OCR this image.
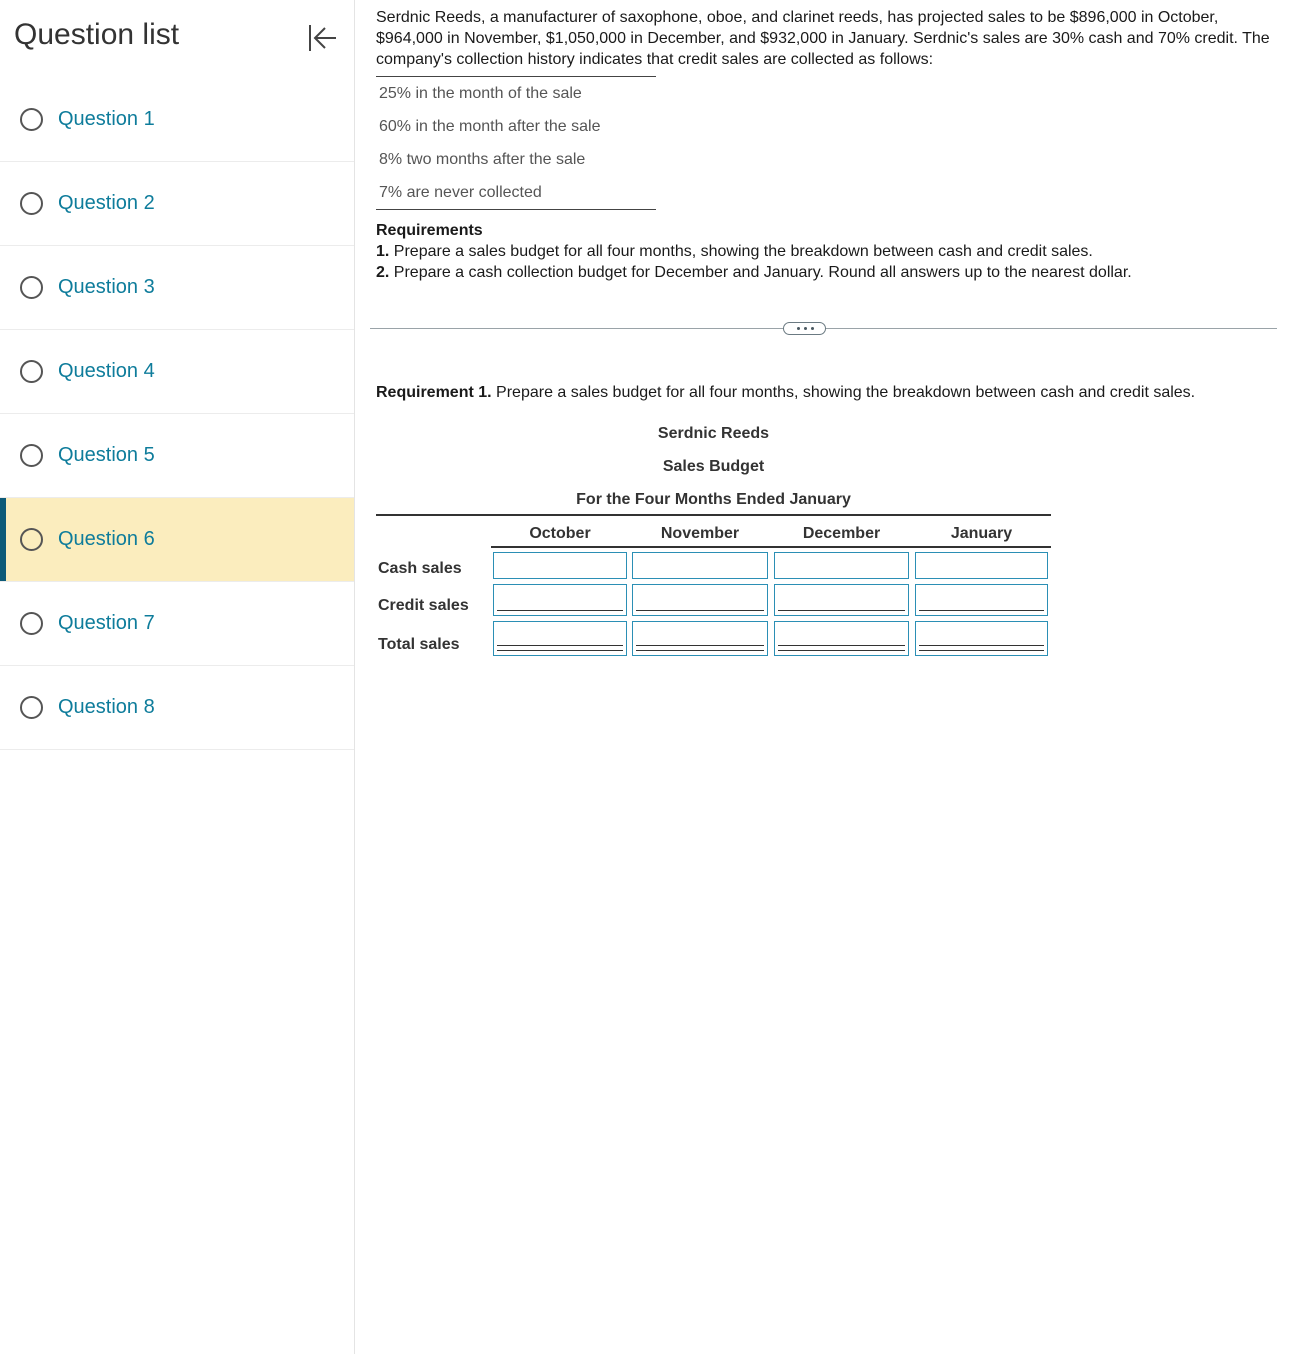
Question list
Question 1
Question 2
Question 3
Question 4
Question 5
Question 6
Question 7
Question 8

Serdnic Reeds, a manufacturer of saxophone, oboe, and clarinet reeds, has projected sales to be $896,000 in October, $964,000 in November, $1,050,000 in December, and $932,000 in January. Serdnic's sales are 30% cash and 70% credit. The company's collection history indicates that credit sales are collected as follows:

25% in the month of the sale
60% in the month after the sale
8% two months after the sale
7% are never collected
Requirements
1. Prepare a sales budget for all four months, showing the breakdown between cash and credit sales.
2. Prepare a cash collection budget for December and January. Round all answers up to the nearest dollar.
Requirement 1. Prepare a sales budget for all four months, showing the breakdown between cash and credit sales.
Serdnic Reeds
Sales Budget
For the Four Months Ended January
October	November	December	January
Cash sales
Credit sales
Total sales
